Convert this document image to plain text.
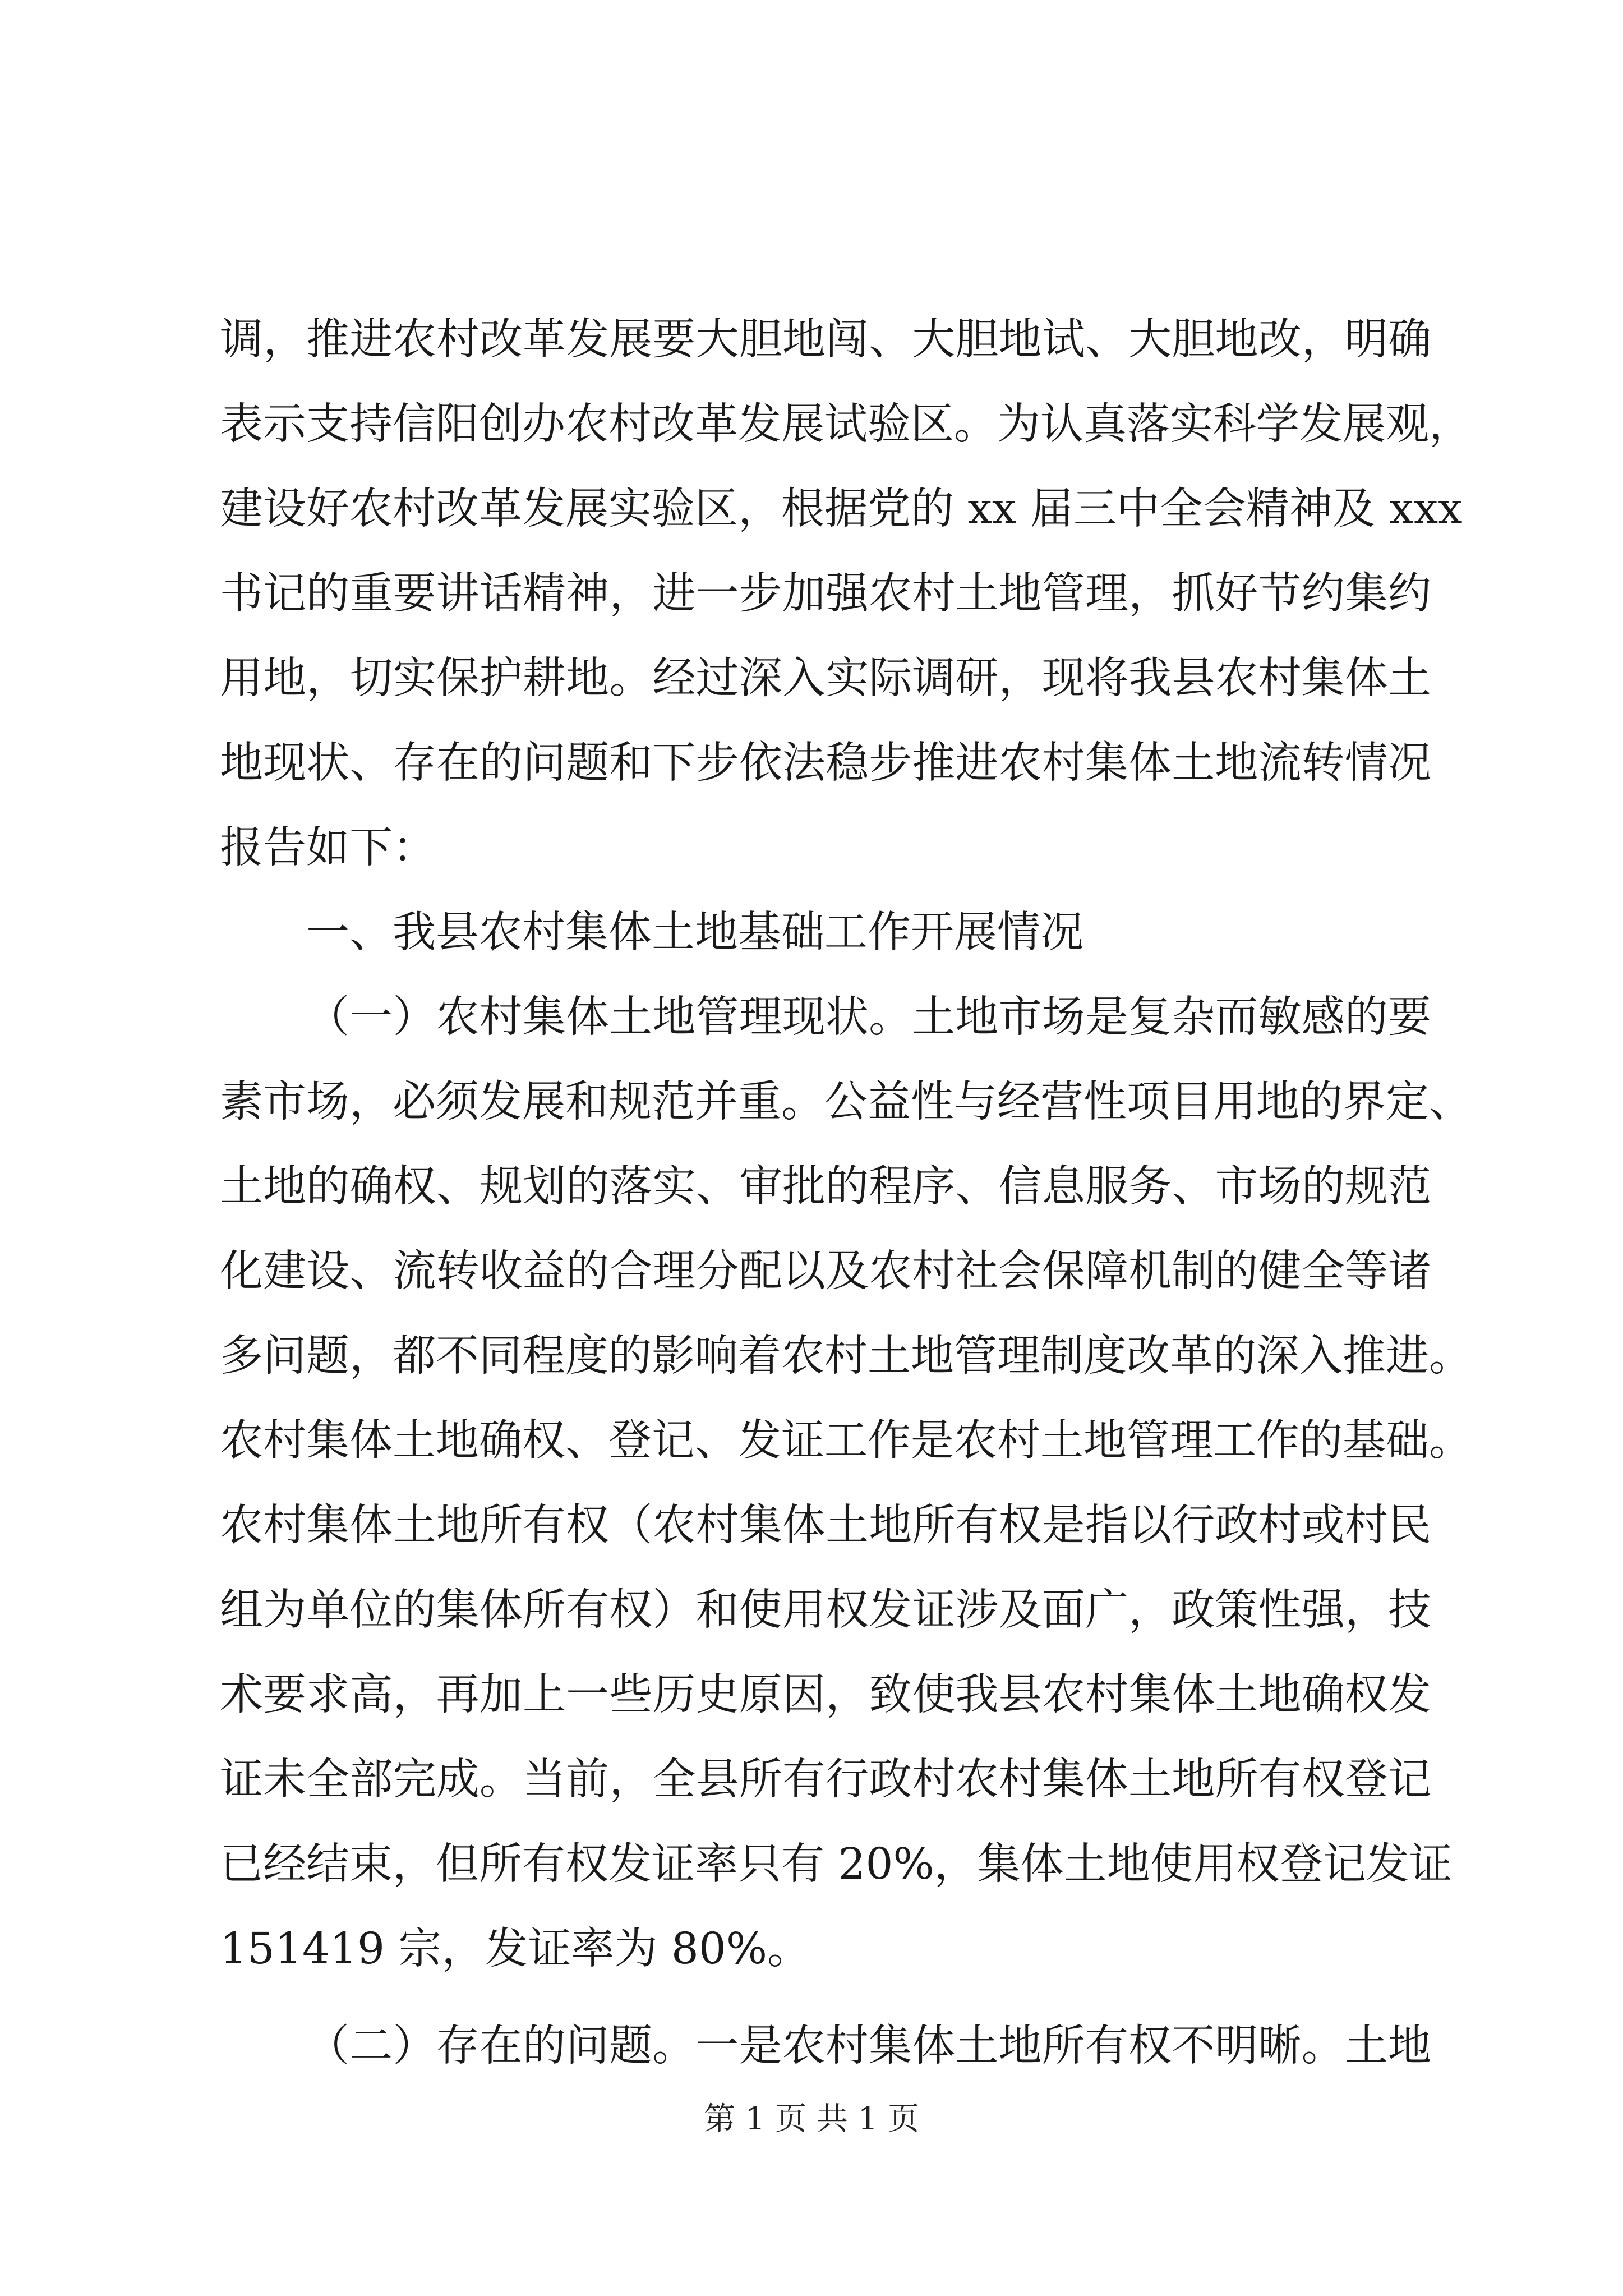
调，推进农村改革发展要大胆地闯、大胆地试、大胆地改，明确
表示支持信阳创办农村改革发展试验区。为认真落实科学发展观，
建设好农村改革发展实验区，根据党的 xx 届三中全会精神及 xxx
书记的重要讲话精神，进一步加强农村土地管理，抓好节约集约
用地，切实保护耕地。经过深入实际调研，现将我县农村集体土
地现状、存在的问题和下步依法稳步推进农村集体土地流转情况
报告如下：
一、我县农村集体土地基础工作开展情况
（一）农村集体土地管理现状。土地市场是复杂而敏感的要
素市场，必须发展和规范并重。公益性与经营性项目用地的界定、
土地的确权、规划的落实、审批的程序、信息服务、市场的规范
化建设、流转收益的合理分配以及农村社会保障机制的健全等诸
多问题，都不同程度的影响着农村土地管理制度改革的深入推进。
农村集体土地确权、登记、发证工作是农村土地管理工作的基础。
农村集体土地所有权（农村集体土地所有权是指以行政村或村民
组为单位的集体所有权）和使用权发证涉及面广，政策性强，技
术要求高，再加上一些历史原因，致使我县农村集体土地确权发
证未全部完成。当前，全县所有行政村农村集体土地所有权登记
已经结束，但所有权发证率只有 20%，集体土地使用权登记发证
151419 宗，发证率为 80%。
（二）存在的问题。一是农村集体土地所有权不明晰。土地
第 1 页 共 1 页
